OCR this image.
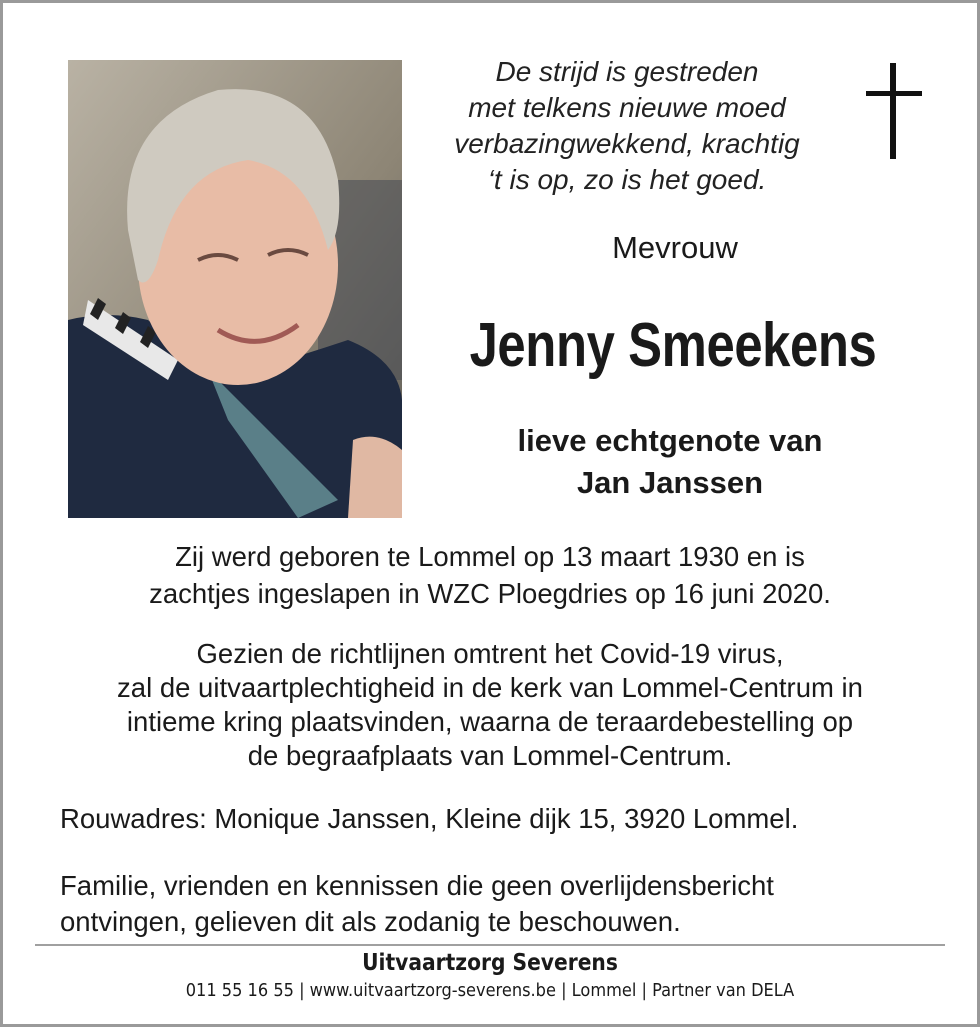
De strijd is gestreden
met telkens nieuwe moed
verbazingwekkend, krachtig
‘t is op, zo is het goed.
Mevrouw
Jenny Smeekens
lieve echtgenote van
Jan Janssen
Zij werd geboren te Lommel op 13 maart 1930 en is
zachtjes ingeslapen in WZC Ploegdries op 16 juni 2020.
Gezien de richtlijnen omtrent het Covid-19 virus,
zal de uitvaartplechtigheid in de kerk van Lommel-Centrum in
intieme kring plaatsvinden, waarna de teraardebestelling op
de begraafplaats van Lommel-Centrum.
Rouwadres: Monique Janssen, Kleine dijk 15, 3920 Lommel.
Familie, vrienden en kennissen die geen overlijdensbericht
ontvingen, gelieven dit als zodanig te beschouwen.
Uitvaartzorg Severens
011 55 16 55 | www.uitvaartzorg-severens.be | Lommel | Partner van DELA
